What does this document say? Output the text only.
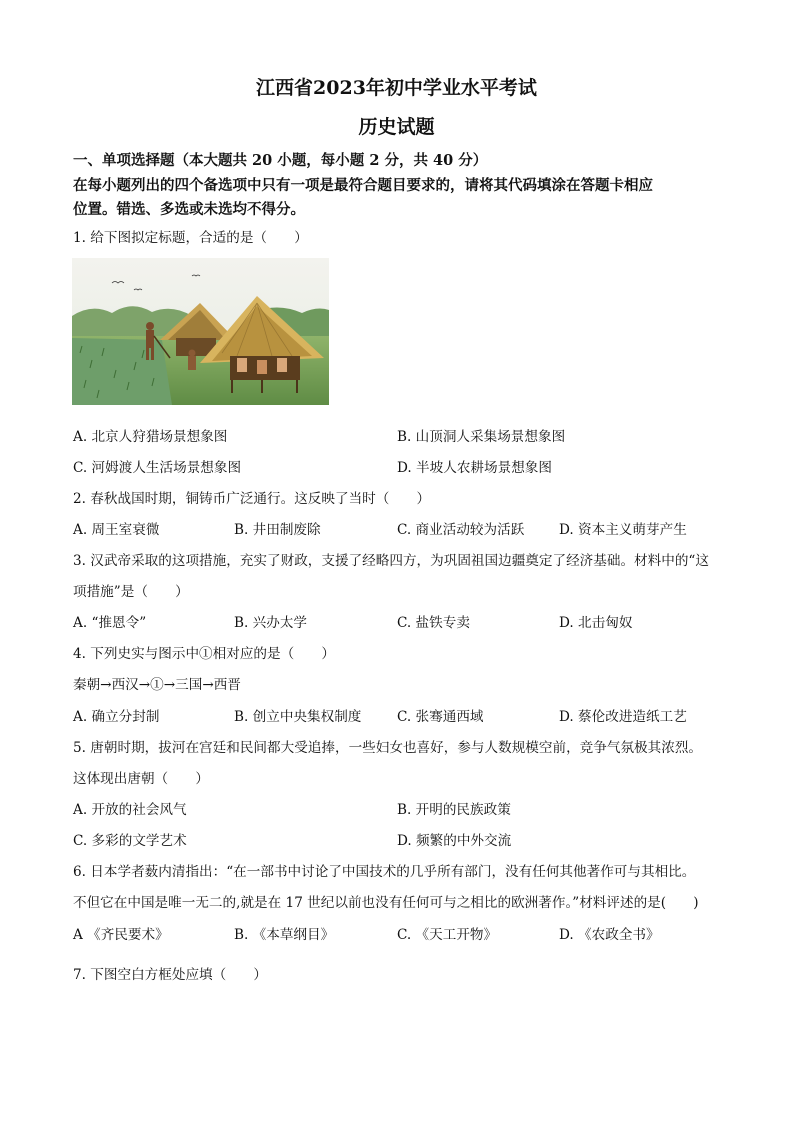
江西省2023年初中学业水平考试
历史试题
一、单项选择题（本大题共 20 小题，每小题 2 分，共 40 分）
在每小题列出的四个备选项中只有一项是最符合题目要求的，请将其代码填涂在答题卡相应
位置。错选、多选或未选均不得分。
1. 给下图拟定标题，合适的是（　　）
A. 北京人狩猎场景想象图	B. 山顶洞人采集场景想象图
C. 河姆渡人生活场景想象图	D. 半坡人农耕场景想象图
2. 春秋战国时期，铜铸币广泛通行。这反映了当时（　　）
A. 周王室衰微	B. 井田制废除	C. 商业活动较为活跃	D. 资本主义萌芽产生
3. 汉武帝采取的这项措施，充实了财政，支援了经略四方，为巩固祖国边疆奠定了经济基础。材料中的“这
项措施”是（　　）
A. “推恩令”	B. 兴办太学	C. 盐铁专卖	D. 北击匈奴
4. 下列史实与图示中①相对应的是（　　）
秦朝→西汉→①→三国→西晋
A. 确立分封制	B. 创立中央集权制度	C. 张骞通西域	D. 蔡伦改进造纸工艺
5. 唐朝时期，拔河在宫廷和民间都大受追捧，一些妇女也喜好，参与人数规模空前，竞争气氛极其浓烈。
这体现出唐朝（　　）
A. 开放的社会风气	B. 开明的民族政策
C. 多彩的文学艺术	D. 频繁的中外交流
6. 日本学者薮内清指出：“在一部书中讨论了中国技术的几乎所有部门，没有任何其他著作可与其相比。
不但它在中国是唯一无二的,就是在 17 世纪以前也没有任何可与之相比的欧洲著作。”材料评述的是(　　)
A 《齐民要术》	B. 《本草纲目》	C. 《天工开物》	D. 《农政全书》
7. 下图空白方框处应填（　　）
